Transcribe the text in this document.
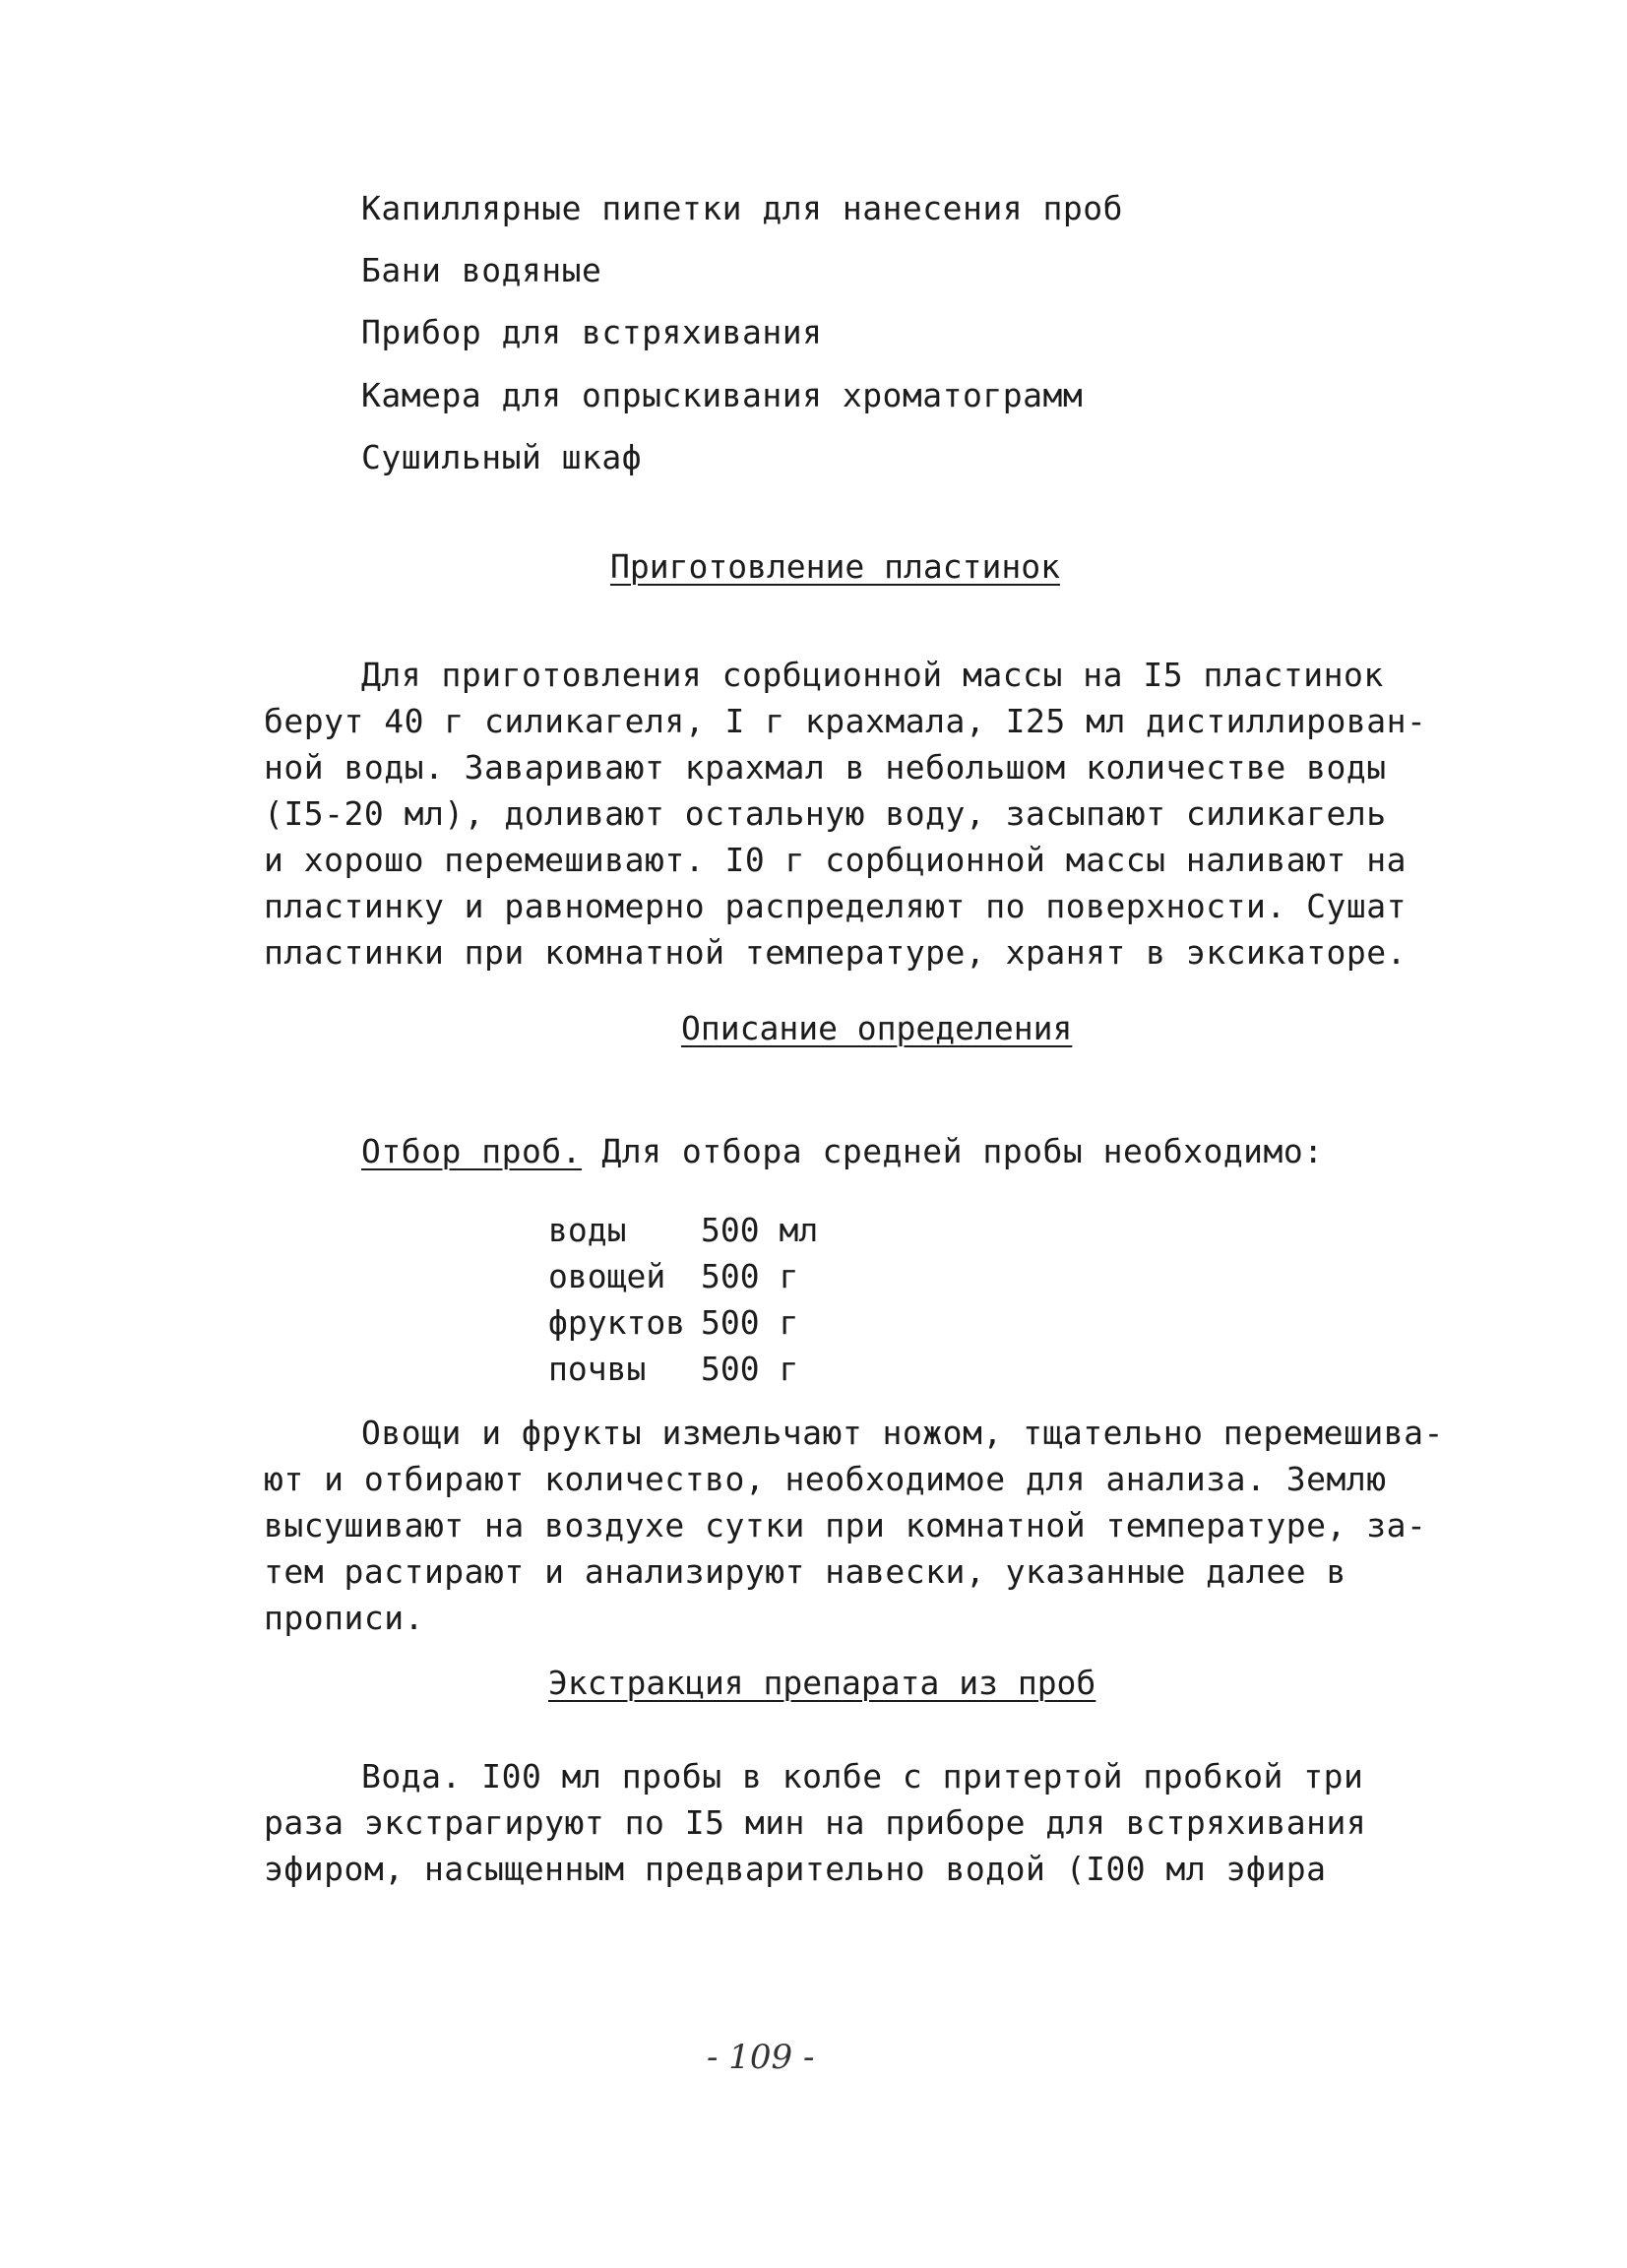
Капиллярные пипетки для нанесения проб
Бани водяные
Прибор для встряхивания
Камера для опрыскивания хроматограмм
Сушильный шкаф
Приготовление пластинок
Для приготовления сорбционной массы на I5 пластинок
берут 40 г силикагеля, I г крахмала, I25 мл дистиллирован-
ной воды. Заваривают крахмал в небольшом количестве воды
(I5-20 мл), доливают остальную воду, засыпают силикагель
и хорошо перемешивают. I0 г сорбционной массы наливают на
пластинку и равномерно распределяют по поверхности. Сушат
пластинки при комнатной температуре, хранят в эксикаторе.
Описание определения
Отбор проб. Для отбора средней пробы необходимо:
воды 500 мл
овощей 500 г
фруктов 500 г
почвы 500 г
Овощи и фрукты измельчают ножом, тщательно перемешива-
ют и отбирают количество, необходимое для анализа. Землю
высушивают на воздухе сутки при комнатной температуре, за-
тем растирают и анализируют навески, указанные далее в
прописи.
Экстракция препарата из проб
Вода. I00 мл пробы в колбе с притертой пробкой три
раза экстрагируют по I5 мин на приборе для встряхивания
эфиром, насыщенным предварительно водой (I00 мл эфира
- 109 -
